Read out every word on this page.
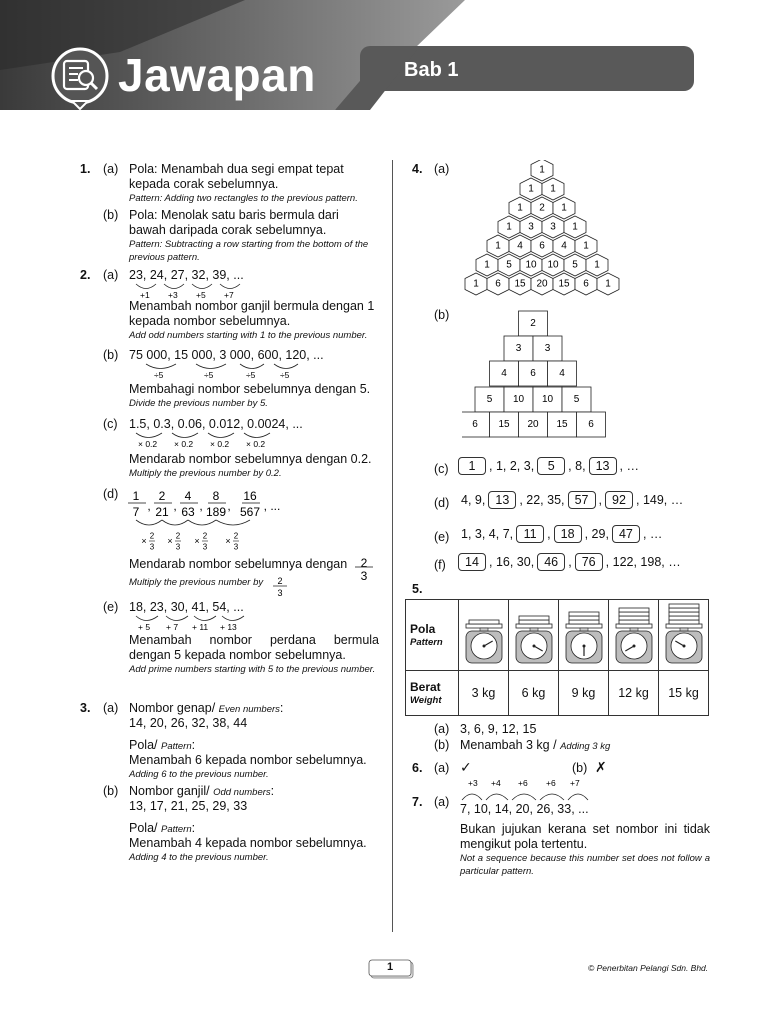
Jawapan	Bab 1
1. (a) Pola: Menambah dua segi empat tepat kepada corak sebelumnya.
Pattern: Adding two rectangles to the previous pattern.
(b) Pola: Menolak satu baris bermula dari bawah daripada corak sebelumnya.
Pattern: Subtracting a row starting from the bottom of the previous pattern.
2. (a) 23, 24, 27, 32, 39, ...
+1 +3 +5 +7
Menambah nombor ganjil bermula dengan 1 kepada nombor sebelumnya.
Add odd numbers starting with 1 to the previous number.
(b) 75 000, 15 000, 3 000, 600, 120, ...
÷5	÷5	÷5	÷5
Membahagi nombor sebelumnya dengan 5.
Divide the previous number by 5.
(c) 1.5, 0.3, 0.06, 0.012, 0.0024, ...
× 0.2 × 0.2 × 0.2 × 0.2
Mendarab nombor sebelumnya dengan 0.2.
Multiply the previous number by 0.2.
(d) 1
7 ,
× 2
3
2
21 ,
× 2
3
4
63 ,
× 2
3
8
189 ,
× 2
3
16
567 , ...
Mendarab nombor sebelumnya dengan 2
3
Multiply the previous number by 2
3
(e) 18, 23, 30, 41, 54, ...
+ 5 + 7 + 11 + 13
Menambah nombor perdana bermula dengan 5 kepada nombor sebelumnya.
Add prime numbers starting with 5 to the previous number.
3. (a) Nombor genap/ Even numbers:
14, 20, 26, 32, 38, 44
Pola/ Pattern:
Menambah 6 kepada nombor sebelumnya.
Adding 6 to the previous number.
(b) Nombor ganjil/ Odd numbers:
13, 17, 21, 25, 29, 33
Pola/ Pattern:
Menambah 4 kepada nombor sebelumnya.
Adding 4 to the previous number.
4. (a)	1
1 1
1 2 1
1 3 3 1
1 4 6 4 1
1 5 10 10 5 1
1 6 15 20 15 6 1
(b)
2
3 3
4 6 4
5 10 10 5
6 15 20 15 6
(c)	1 , 1, 2, 3, 5 , 8, 13 , …
(d) 4, 9, 13 , 22, 35, 57 , 92 , 149, …
(e) 1, 3, 4, 7, 11 , 18 , 29, 47 , …
(f)	14 , 16, 30, 46 , 76 , 122, 198, …
5.
Pola
Pattern

Berat
Weight	3 kg	6 kg	9 kg	12 kg	15 kg
(a) 3, 6, 9, 12, 15
(b) Menambah 3 kg / Adding 3 kg
6. (a) ✓	(b) ✗
7. (a)
+3 +4 +6 +6 +7
7, 10, 14, 20, 26, 33, ...
Bukan jujukan kerana set nombor ini tidak mengikut pola tertentu.
Not a sequence because this number set does not follow a particular pattern.
1	© Penerbitan Pelangi Sdn. Bhd.
